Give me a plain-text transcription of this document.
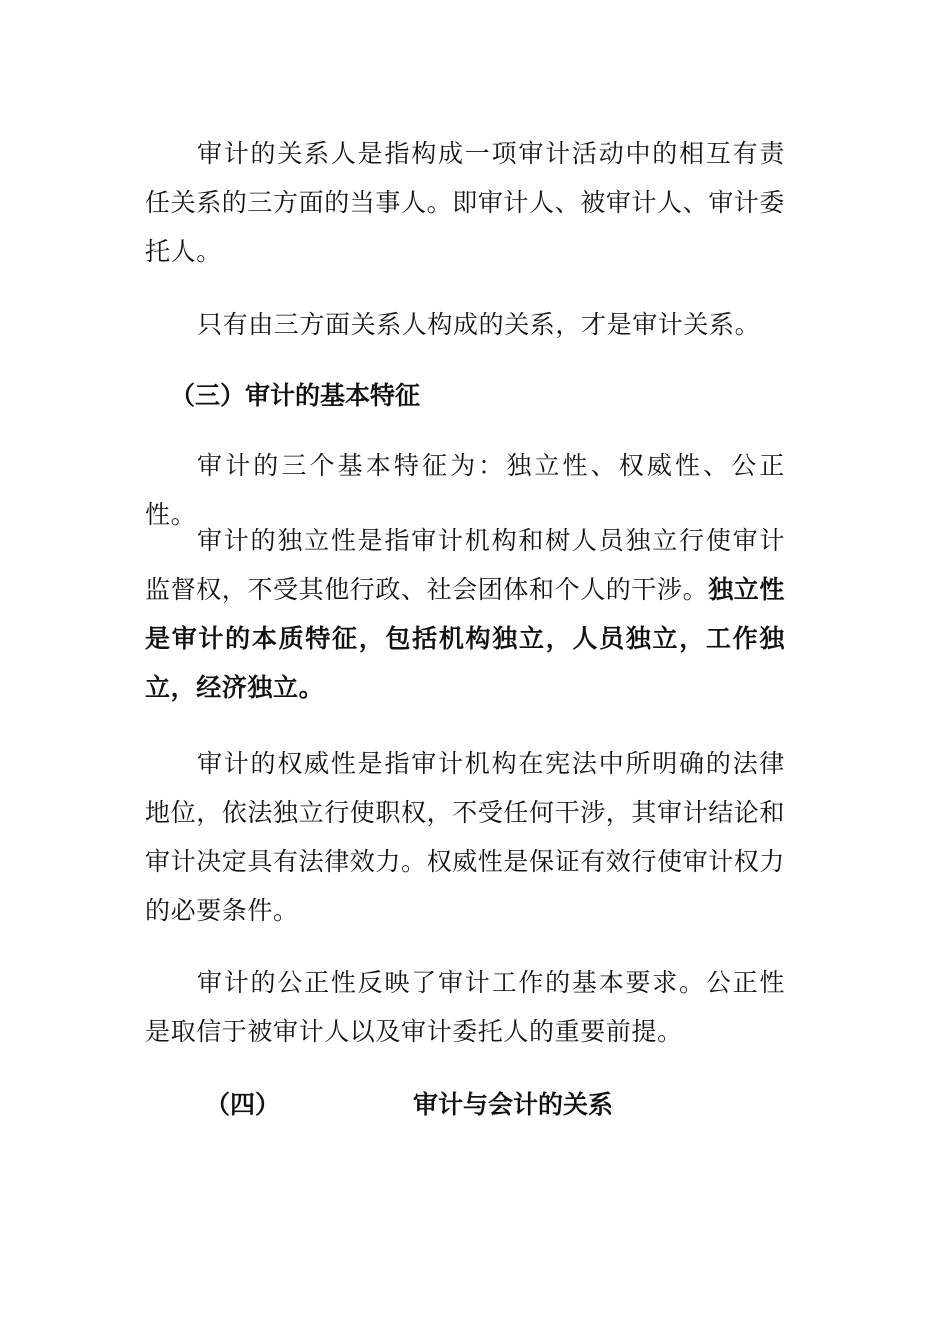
审计的关系人是指构成一项审计活动中的相互有责任关系的三方面的当事人。即审计人、被审计人、审计委托人。

只有由三方面关系人构成的关系，才是审计关系。

（三）审计的基本特征

审计的三个基本特征为：独立性、权威性、公正性。

审计的独立性是指审计机构和树人员独立行使审计监督权，不受其他行政、社会团体和个人的干涉。独立性是审计的本质特征，包括机构独立，人员独立，工作独立，经济独立。

审计的权威性是指审计机构在宪法中所明确的法律地位，依法独立行使职权，不受任何干涉，其审计结论和审计决定具有法律效力。权威性是保证有效行使审计权力的必要条件。

审计的公正性反映了审计工作的基本要求。公正性是取信于被审计人以及审计委托人的重要前提。

（四）	审计与会计的关系
